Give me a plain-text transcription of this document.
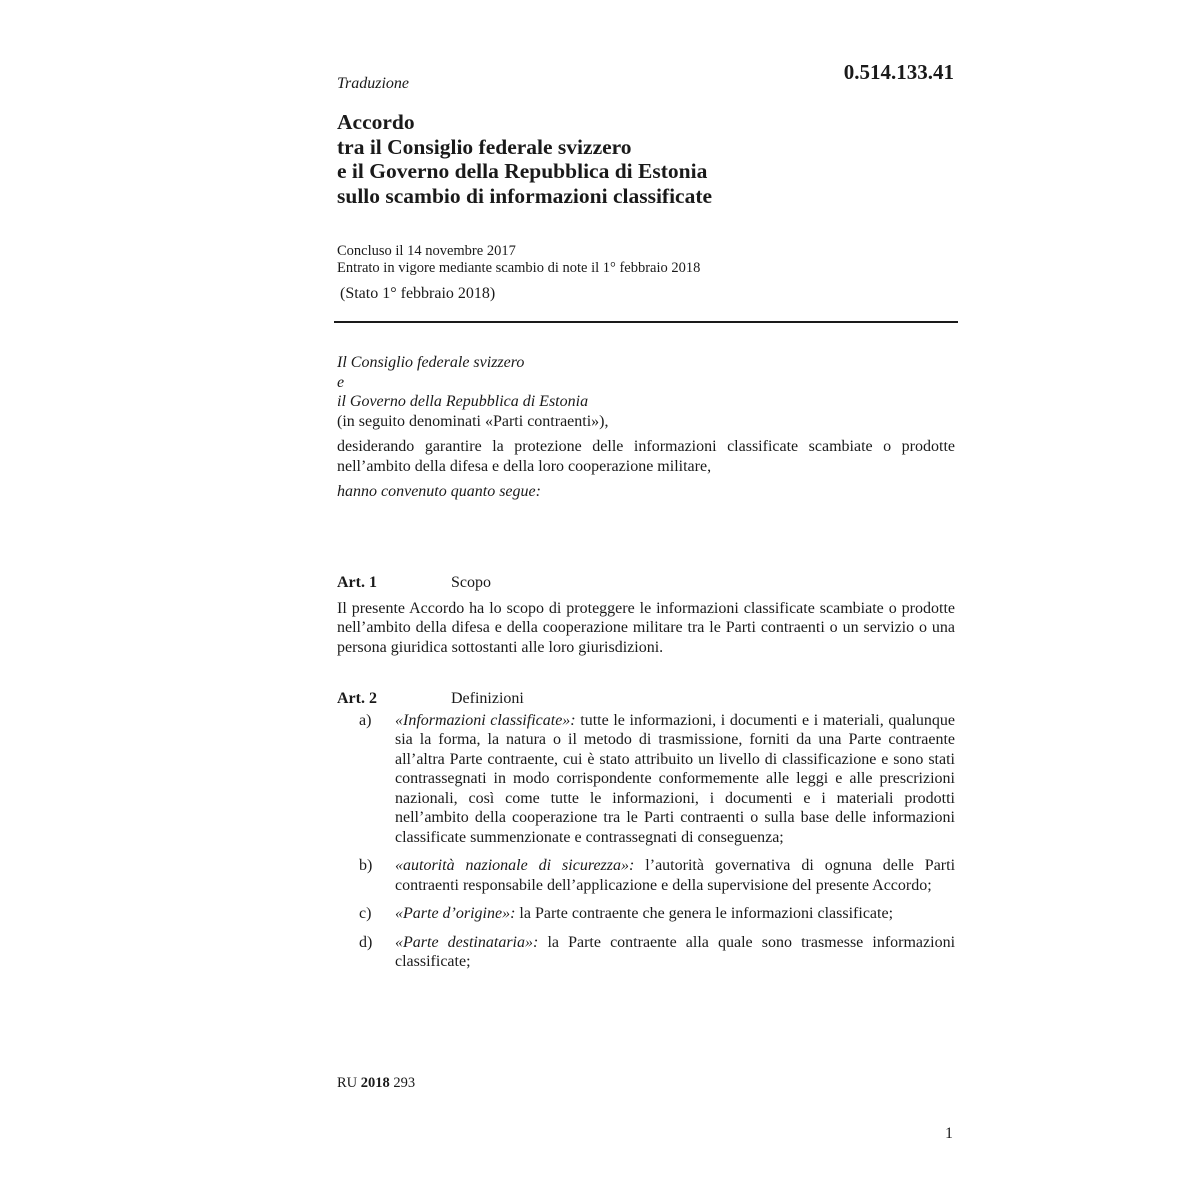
0.514.133.41
Traduzione
Accordo
tra il Consiglio federale svizzero
e il Governo della Repubblica di Estonia
sullo scambio di informazioni classificate
Concluso il 14 novembre 2017
Entrato in vigore mediante scambio di note il 1° febbraio 2018
(Stato 1° febbraio 2018)
Il Consiglio federale svizzero
e
il Governo della Repubblica di Estonia
(in seguito denominati «Parti contraenti»),
desiderando garantire la protezione delle informazioni classificate scambiate o prodotte nell’ambito della difesa e della loro cooperazione militare,
hanno convenuto quanto segue:
Art. 1	Scopo
Il presente Accordo ha lo scopo di proteggere le informazioni classificate scambiate o prodotte nell’ambito della difesa e della cooperazione militare tra le Parti contraenti o un servizio o una persona giuridica sottostanti alle loro giurisdizioni.
Art. 2	Definizioni
a)	«Informazioni classificate»: tutte le informazioni, i documenti e i materiali, qualunque sia la forma, la natura o il metodo di trasmissione, forniti da una Parte contraente all’altra Parte contraente, cui è stato attribuito un livello di classificazione e sono stati contrassegnati in modo corrispondente conformemente alle leggi e alle prescrizioni nazionali, così come tutte le informazioni, i documenti e i materiali prodotti nell’ambito della cooperazione tra le Parti contraenti o sulla base delle informazioni classificate summenzionate e contrassegnati di conseguenza;
b)	«autorità nazionale di sicurezza»: l’autorità governativa di ognuna delle Parti contraenti responsabile dell’applicazione e della supervisione del presente Accordo;
c)	«Parte d’origine»: la Parte contraente che genera le informazioni classificate;
d)	«Parte destinataria»: la Parte contraente alla quale sono trasmesse informazioni classificate;
RU 2018 293
1
